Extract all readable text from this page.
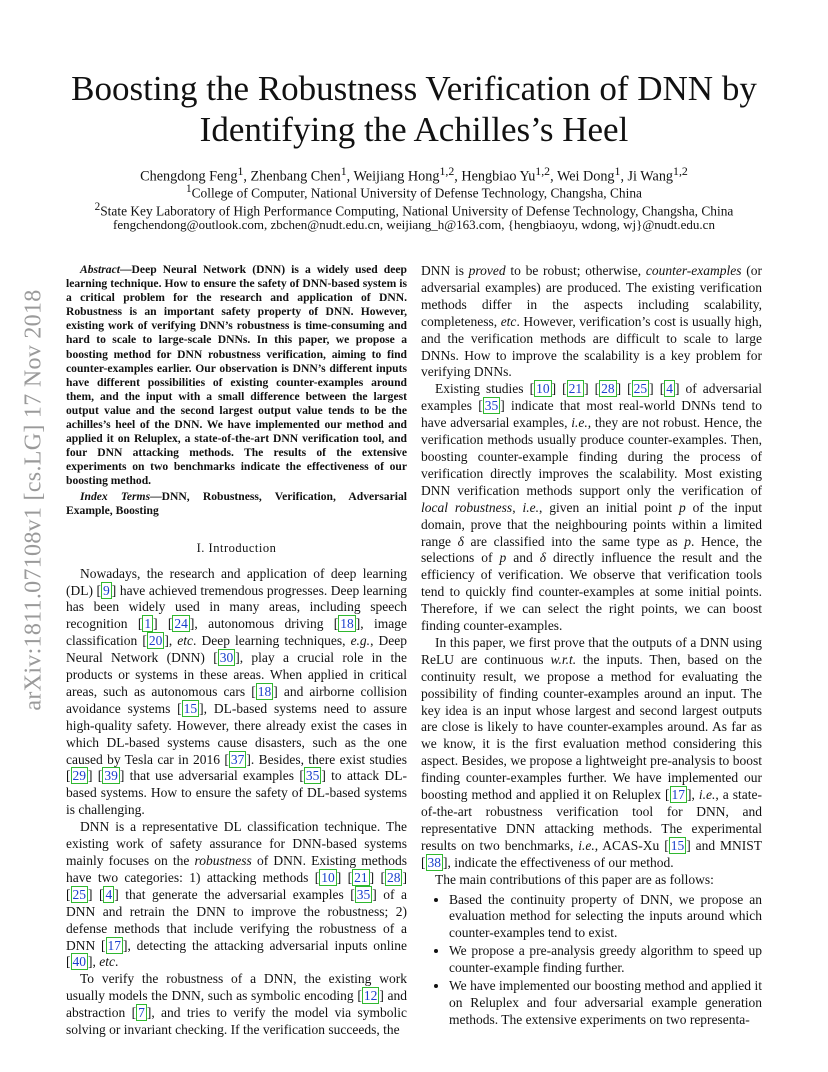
arXiv:1811.07108v1 [cs.LG] 17 Nov 2018
Boosting the Robustness Verification of DNN by
Identifying the Achilles’s Heel
Chengdong Feng$^1$, Zhenbang Chen$^1$, Weijiang Hong$^{1,2}$, Hengbiao Yu$^{1,2}$, Wei Dong$^1$, Ji Wang$^{1,2}$
$^1$College of Computer, National University of Defense Technology, Changsha, China
$^2$State Key Laboratory of High Performance Computing, National University of Defense Technology, Changsha, China
fengchendong@outlook.com, zbchen@nudt.edu.cn, weijiang_h@163.com, {hengbiaoyu, wdong, wj}@nudt.edu.cn

Abstract—Deep Neural Network (DNN) is a widely used deep learning technique. How to ensure the safety of DNN-based system is a critical problem for the research and application of DNN. Robustness is an important safety property of DNN. However, existing work of verifying DNN’s robustness is time-consuming and hard to scale to large-scale DNNs. In this paper, we propose a boosting method for DNN robustness verification, aiming to find counter-examples earlier. Our observation is DNN’s different inputs have different possibilities of existing counter-examples around them, and the input with a small difference between the largest output value and the second largest output value tends to be the achilles’s heel of the DNN. We have implemented our method and applied it on Reluplex, a state-of-the-art DNN verification tool, and four DNN attacking methods. The results of the extensive experiments on two benchmarks indicate the effectiveness of our boosting method.

Index Terms—DNN, Robustness, Verification, Adversarial Example, Boosting

I. Introduction

Nowadays, the research and application of deep learning (DL) [ 9 ] have achieved tremendous progresses. Deep learning has been widely used in many areas, including speech recognition [ 1 ] [ 24 ], autonomous driving [ 18 ], image classification [ 20 ], etc. Deep learning techniques, e.g., Deep Neural Network (DNN) [ 30 ], play a crucial role in the products or systems in these areas. When applied in critical areas, such as autonomous cars [ 18 ] and airborne collision avoidance systems [ 15 ], DL-based systems need to assure high-quality safety. However, there already exist the cases in which DL-based systems cause disasters, such as the one caused by Tesla car in 2016 [ 37 ]. Besides, there exist studies [ 29 ] [ 39 ] that use adversarial examples [ 35 ] to attack DL-based systems. How to ensure the safety of DL-based systems is challenging.

DNN is a representative DL classification technique. The existing work of safety assurance for DNN-based systems mainly focuses on the robustness of DNN. Existing methods have two categories: 1) attacking methods [ 10 ] [ 21 ] [ 28 ] [ 25 ] [ 4 ] that generate the adversarial examples [ 35 ] of a DNN and retrain the DNN to improve the robustness; 2) defense methods that include verifying the robustness of a DNN [ 17 ], detecting the attacking adversarial inputs online [ 40 ], etc.

To verify the robustness of a DNN, the existing work usually models the DNN, such as symbolic encoding [ 12 ] and abstraction [ 7 ], and tries to verify the model via symbolic solving or invariant checking. If the verification succeeds, the

DNN is proved to be robust; otherwise, counter-examples (or adversarial examples) are produced. The existing verification methods differ in the aspects including scalability, completeness, etc. However, verification’s cost is usually high, and the verification methods are difficult to scale to large DNNs. How to improve the scalability is a key problem for verifying DNNs.

Existing studies [ 10 ] [ 21 ] [ 28 ] [ 25 ] [ 4 ] of adversarial examples [ 35 ] indicate that most real-world DNNs tend to have adversarial examples, i.e., they are not robust. Hence, the verification methods usually produce counter-examples. Then, boosting counter-example finding during the process of verification directly improves the scalability. Most existing DNN verification methods support only the verification of local robustness, i.e., given an initial point p of the input domain, prove that the neighbouring points within a limited range δ are classified into the same type as p. Hence, the selections of p and δ directly influence the result and the efficiency of verification. We observe that verification tools tend to quickly find counter-examples at some initial points. Therefore, if we can select the right points, we can boost finding counter-examples.

In this paper, we first prove that the outputs of a DNN using ReLU are continuous w.r.t. the inputs. Then, based on the continuity result, we propose a method for evaluating the possibility of finding counter-examples around an input. The key idea is an input whose largest and second largest outputs are close is likely to have counter-examples around. As far as we know, it is the first evaluation method considering this aspect. Besides, we propose a lightweight pre-analysis to boost finding counter-examples further. We have implemented our boosting method and applied it on Reluplex [ 17 ], i.e., a state-of-the-art robustness verification tool for DNN, and representative DNN attacking methods. The experimental results on two benchmarks, i.e., ACAS-Xu [ 15 ] and MNIST [ 38 ], indicate the effectiveness of our method.

The main contributions of this paper are as follows:

• Based the continuity property of DNN, we propose an evaluation method for selecting the inputs around which counter-examples tend to exist.
• We propose a pre-analysis greedy algorithm to speed up counter-example finding further.
• We have implemented our boosting method and applied it on Reluplex and four adversarial example generation methods. The extensive experiments on two representa-
